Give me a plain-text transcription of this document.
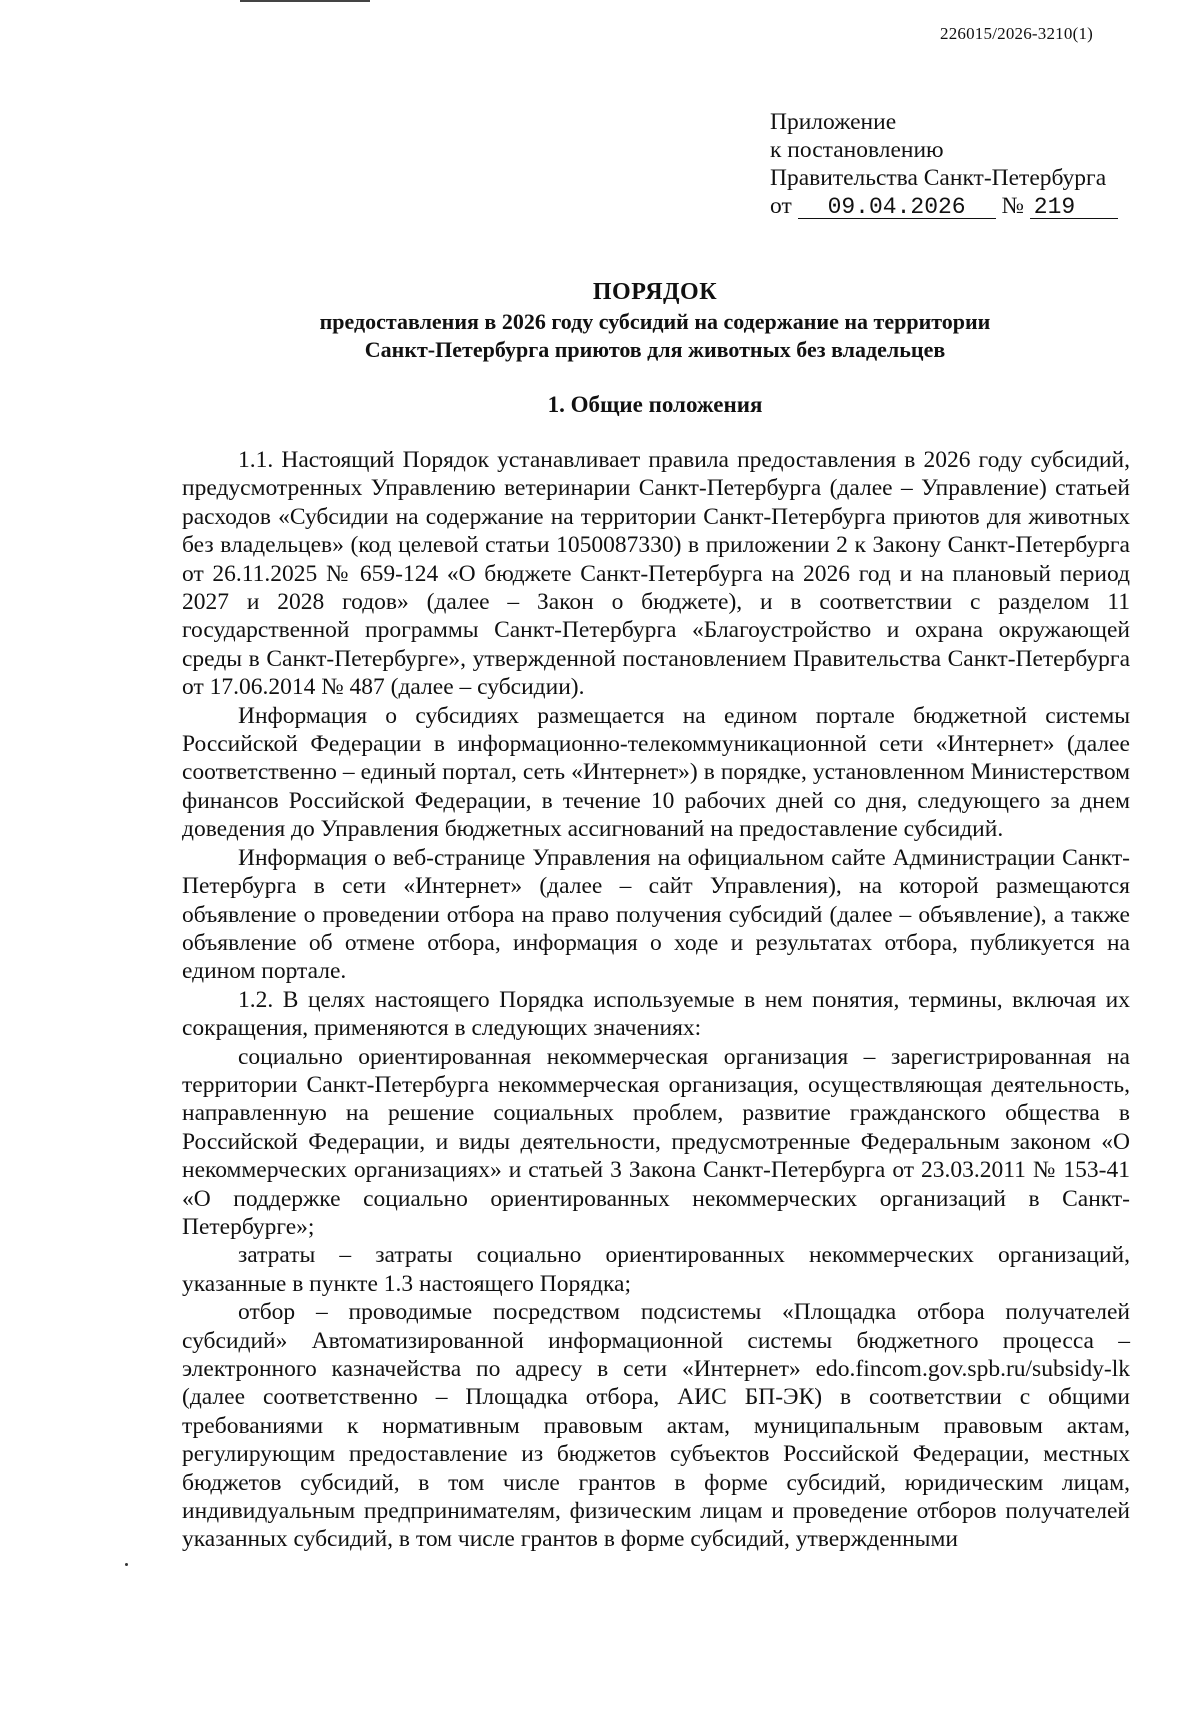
226015/2026-3210(1)
Приложение
к постановлению
Правительства Санкт-Петербурга
от 09.04.2026 № 219
ПОРЯДОК
предоставления в 2026 году субсидий на содержание на территории
Санкт-Петербурга приютов для животных без владельцев
1. Общие положения

1.1. Настоящий Порядок устанавливает правила предоставления в 2026 году субсидий, предусмотренных Управлению ветеринарии Санкт-Петербурга (далее – Управление) статьей расходов «Субсидии на содержание на территории Санкт-Петербурга приютов для животных без владельцев» (код целевой статьи 1050087330) в приложении 2 к Закону Санкт-Петербурга от 26.11.2025 № 659-124 «О бюджете Санкт-Петербурга на 2026 год и на плановый период 2027 и 2028 годов» (далее – Закон о бюджете), и в соответствии с разделом 11 государственной программы Санкт-Петербурга «Благоустройство и охрана окружающей среды в Санкт-Петербурге», утвержденной постановлением Правительства Санкт-Петербурга от 17.06.2014 № 487 (далее – субсидии).

Информация о субсидиях размещается на едином портале бюджетной системы Российской Федерации в информационно-телекоммуникационной сети «Интернет» (далее соответственно – единый портал, сеть «Интернет») в порядке, установленном Министерством финансов Российской Федерации, в течение 10 рабочих дней со дня, следующего за днем доведения до Управления бюджетных ассигнований на предоставление субсидий.

Информация о веб-странице Управления на официальном сайте Администрации Санкт-Петербурга в сети «Интернет» (далее – сайт Управления), на которой размещаются объявление о проведении отбора на право получения субсидий (далее – объявление), а также объявление об отмене отбора, информация о ходе и результатах отбора, публикуется на едином портале.

1.2. В целях настоящего Порядка используемые в нем понятия, термины, включая их сокращения, применяются в следующих значениях:

социально ориентированная некоммерческая организация – зарегистрированная на территории Санкт-Петербурга некоммерческая организация, осуществляющая деятельность, направленную на решение социальных проблем, развитие гражданского общества в Российской Федерации, и виды деятельности, предусмотренные Федеральным законом «О некоммерческих организациях» и статьей 3 Закона Санкт-Петербурга от 23.03.2011 № 153-41 «О поддержке социально ориентированных некоммерческих организаций в Санкт-Петербурге»;

затраты – затраты социально ориентированных некоммерческих организаций, указанные в пункте 1.3 настоящего Порядка;

отбор – проводимые посредством подсистемы «Площадка отбора получателей субсидий» Автоматизированной информационной системы бюджетного процесса – электронного казначейства по адресу в сети «Интернет» edo.fincom.gov.spb.ru/subsidy-lk (далее соответственно – Площадка отбора, АИС БП-ЭК) в соответствии с общими требованиями к нормативным правовым актам, муниципальным правовым актам, регулирующим предоставление из бюджетов субъектов Российской Федерации, местных бюджетов субсидий, в том числе грантов в форме субсидий, юридическим лицам, индивидуальным предпринимателям, физическим лицам и проведение отборов получателей указанных субсидий, в том числе грантов в форме субсидий, утвержденными
